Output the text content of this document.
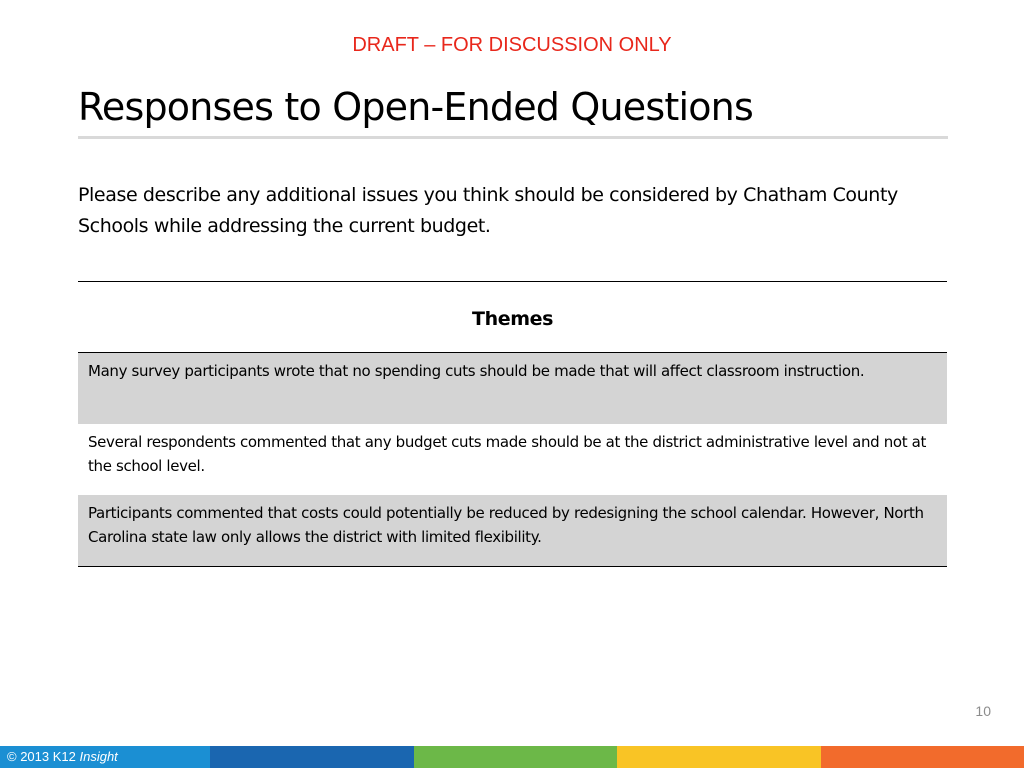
DRAFT – FOR DISCUSSION ONLY
Responses to Open-Ended Questions
Please describe any additional issues you think should be considered by Chatham County Schools while addressing the current budget.
Themes
Many survey participants wrote that no spending cuts should be made that will affect classroom instruction.
Several respondents commented that any budget cuts made should be at the district administrative level and not at the school level.
Participants commented that costs could potentially be reduced by redesigning the school calendar. However, North Carolina state law only allows the district with limited flexibility.
10
© 2013 K12 Insight
